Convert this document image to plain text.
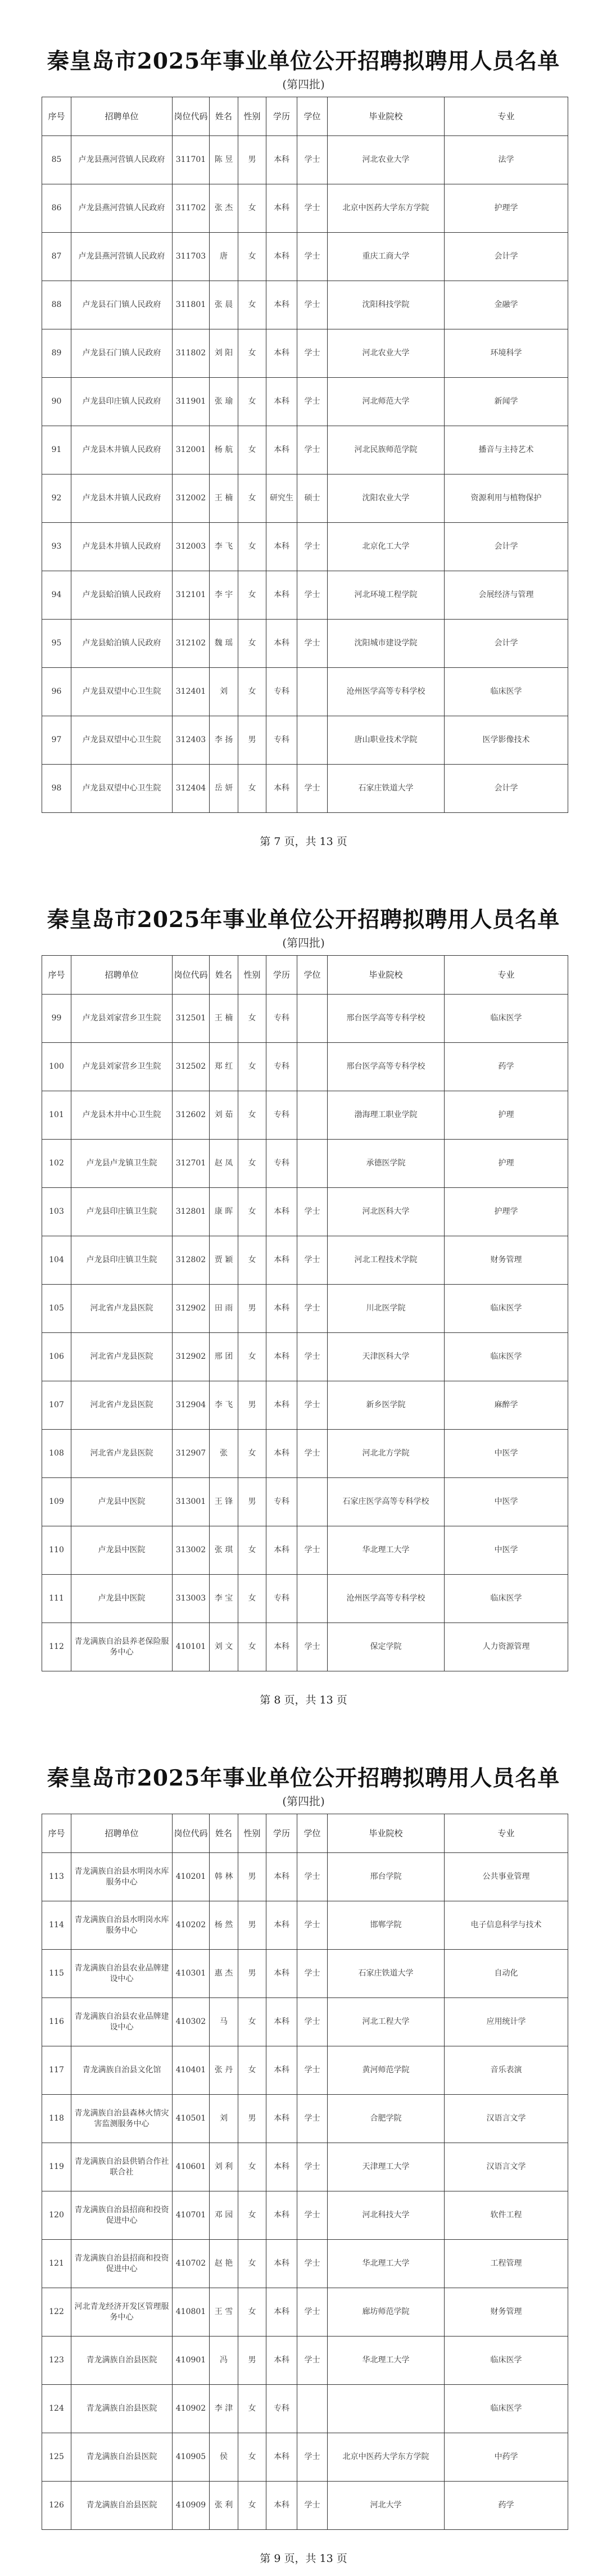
秦皇岛市2025年事业单位公开招聘拟聘用人员名单
(第四批)
序号	招聘单位	岗位代码	姓名	性别	学历	学位	毕业院校	专业
85	卢龙县燕河营镇人民政府	311701	陈 昱	男	本科	学士	河北农业大学	法学
86	卢龙县燕河营镇人民政府	311702	张 杰	女	本科	学士	北京中医药大学东方学院	护理学
87	卢龙县燕河营镇人民政府	311703	唐	女	本科	学士	重庆工商大学	会计学
88	卢龙县石门镇人民政府	311801	张 晨	女	本科	学士	沈阳科技学院	金融学
89	卢龙县石门镇人民政府	311802	刘 阳	女	本科	学士	河北农业大学	环境科学
90	卢龙县印庄镇人民政府	311901	张 瑜	女	本科	学士	河北师范大学	新闻学
91	卢龙县木井镇人民政府	312001	杨 航	女	本科	学士	河北民族师范学院	播音与主持艺术
92	卢龙县木井镇人民政府	312002	王 楠	女	研究生	硕士	沈阳农业大学	资源利用与植物保护
93	卢龙县木井镇人民政府	312003	李 飞	女	本科	学士	北京化工大学	会计学
94	卢龙县蛤泊镇人民政府	312101	李 宇	女	本科	学士	河北环境工程学院	会展经济与管理
95	卢龙县蛤泊镇人民政府	312102	魏 瑶	女	本科	学士	沈阳城市建设学院	会计学
96	卢龙县双望中心卫生院	312401	刘	女	专科		沧州医学高等专科学校	临床医学
97	卢龙县双望中心卫生院	312403	李 扬	男	专科		唐山职业技术学院	医学影像技术
98	卢龙县双望中心卫生院	312404	岳 妍	女	本科	学士	石家庄铁道大学	会计学
第 7 页，共 13 页
秦皇岛市2025年事业单位公开招聘拟聘用人员名单
(第四批)
序号	招聘单位	岗位代码	姓名	性别	学历	学位	毕业院校	专业
99	卢龙县刘家营乡卫生院	312501	王 楠	女	专科		邢台医学高等专科学校	临床医学
100	卢龙县刘家营乡卫生院	312502	郑 红	女	专科		邢台医学高等专科学校	药学
101	卢龙县木井中心卫生院	312602	刘 茹	女	专科		渤海理工职业学院	护理
102	卢龙县卢龙镇卫生院	312701	赵 凤	女	专科		承德医学院	护理
103	卢龙县印庄镇卫生院	312801	康 晖	女	本科	学士	河北医科大学	护理学
104	卢龙县印庄镇卫生院	312802	贾 颖	女	本科	学士	河北工程技术学院	财务管理
105	河北省卢龙县医院	312902	田 雨	男	本科	学士	川北医学院	临床医学
106	河北省卢龙县医院	312902	邢 团	女	本科	学士	天津医科大学	临床医学
107	河北省卢龙县医院	312904	李 飞	男	本科	学士	新乡医学院	麻醉学
108	河北省卢龙县医院	312907	张	女	本科	学士	河北北方学院	中医学
109	卢龙县中医院	313001	王 锋	男	专科		石家庄医学高等专科学校	中医学
110	卢龙县中医院	313002	张 琪	女	本科	学士	华北理工大学	中医学
111	卢龙县中医院	313003	李 宝	女	专科		沧州医学高等专科学校	临床医学
112	青龙满族自治县养老保险服务中心	410101	刘 文	女	本科	学士	保定学院	人力资源管理
第 8 页，共 13 页
秦皇岛市2025年事业单位公开招聘拟聘用人员名单
(第四批)
序号	招聘单位	岗位代码	姓名	性别	学历	学位	毕业院校	专业
113	青龙满族自治县水明岗水库服务中心	410201	韩 林	男	本科	学士	邢台学院	公共事业管理
114	青龙满族自治县水明岗水库服务中心	410202	杨 然	男	本科	学士	邯郸学院	电子信息科学与技术
115	青龙满族自治县农业品牌建设中心	410301	惠 杰	男	本科	学士	石家庄铁道大学	自动化
116	青龙满族自治县农业品牌建设中心	410302	马	女	本科	学士	河北工程大学	应用统计学
117	青龙满族自治县文化馆	410401	张 丹	女	本科	学士	黄河师范学院	音乐表演
118	青龙满族自治县森林火情灾害监测服务中心	410501	刘	男	本科	学士	合肥学院	汉语言文学
119	青龙满族自治县供销合作社联合社	410601	刘 利	女	本科	学士	天津理工大学	汉语言文学
120	青龙满族自治县招商和投资促进中心	410701	邓 园	女	本科	学士	河北科技大学	软件工程
121	青龙满族自治县招商和投资促进中心	410702	赵 艳	女	本科	学士	华北理工大学	工程管理
122	河北青龙经济开发区管理服务中心	410801	王 雪	女	本科	学士	廊坊师范学院	财务管理
123	青龙满族自治县医院	410901	冯	男	本科	学士	华北理工大学	临床医学
124	青龙满族自治县医院	410902	李 津	女	专科			临床医学
125	青龙满族自治县医院	410905	侯	女	本科	学士	北京中医药大学东方学院	中药学
126	青龙满族自治县医院	410909	张 利	女	本科	学士	河北大学	药学
第 9 页，共 13 页
